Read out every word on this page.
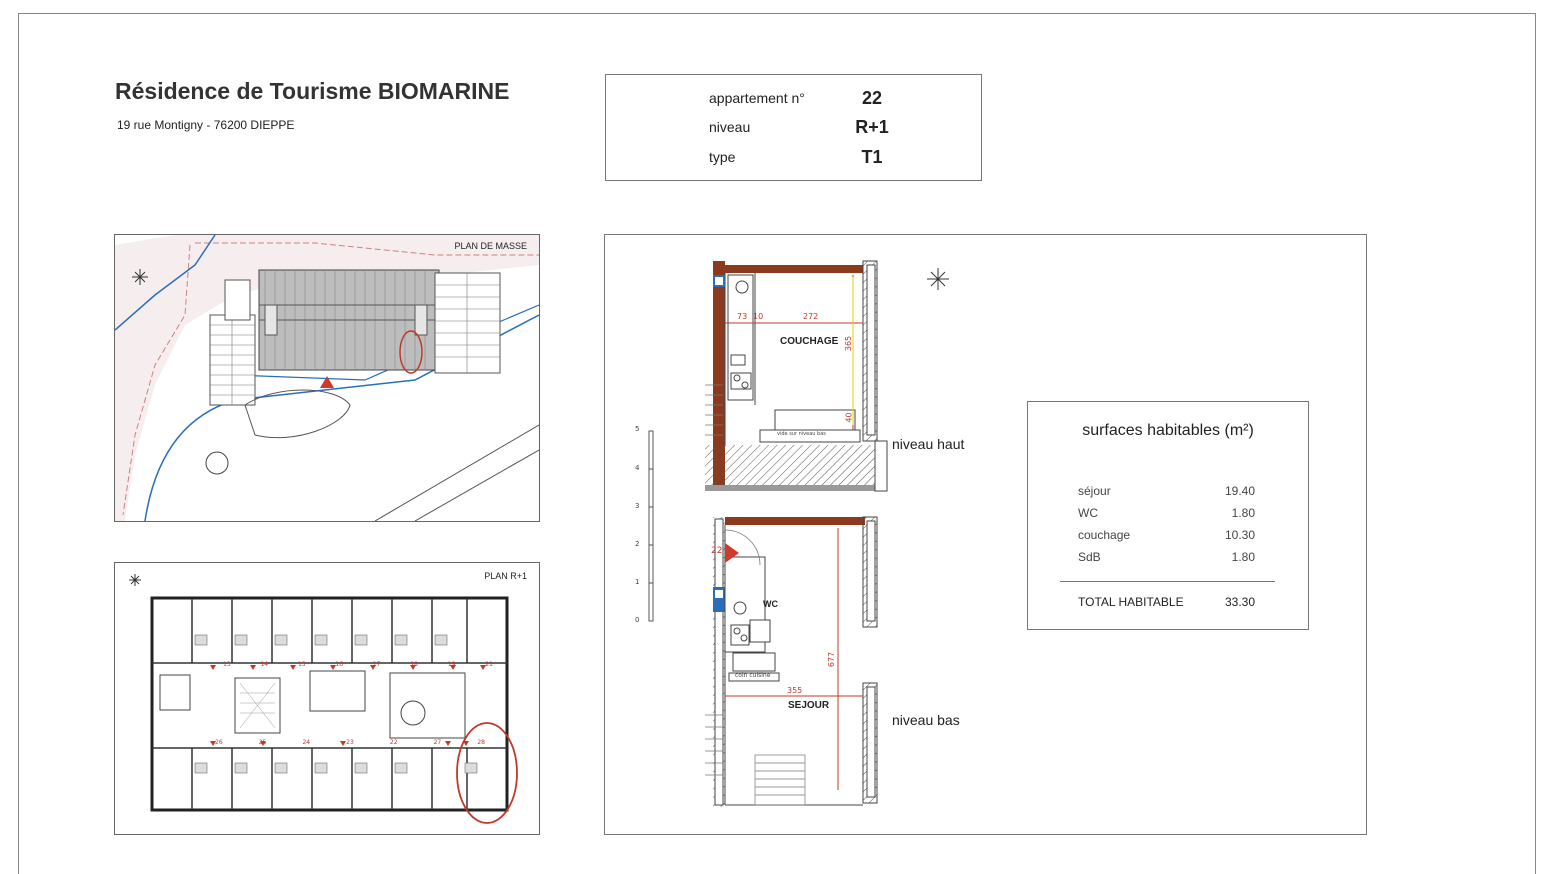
Résidence de Tourisme BIOMARINE
19 rue Montigny - 76200 DIEPPE
appartement n°	22
niveau	R+1
type	T1
PLAN DE MASSE
PLAN R+1
13	14	15	16	17	18	19	21
26	25	24	23	22	27	28
5
4
3
2
1
0
73 10	272
365
40
COUCHAGE
vide sur niveau bas
22
WC
coin cuisine
355
677
SEJOUR
niveau haut
niveau bas
surfaces habitables (m²)
séjour	19.40
WC	1.80
couchage	10.30
SdB	1.80
TOTAL HABITABLE	33.30
